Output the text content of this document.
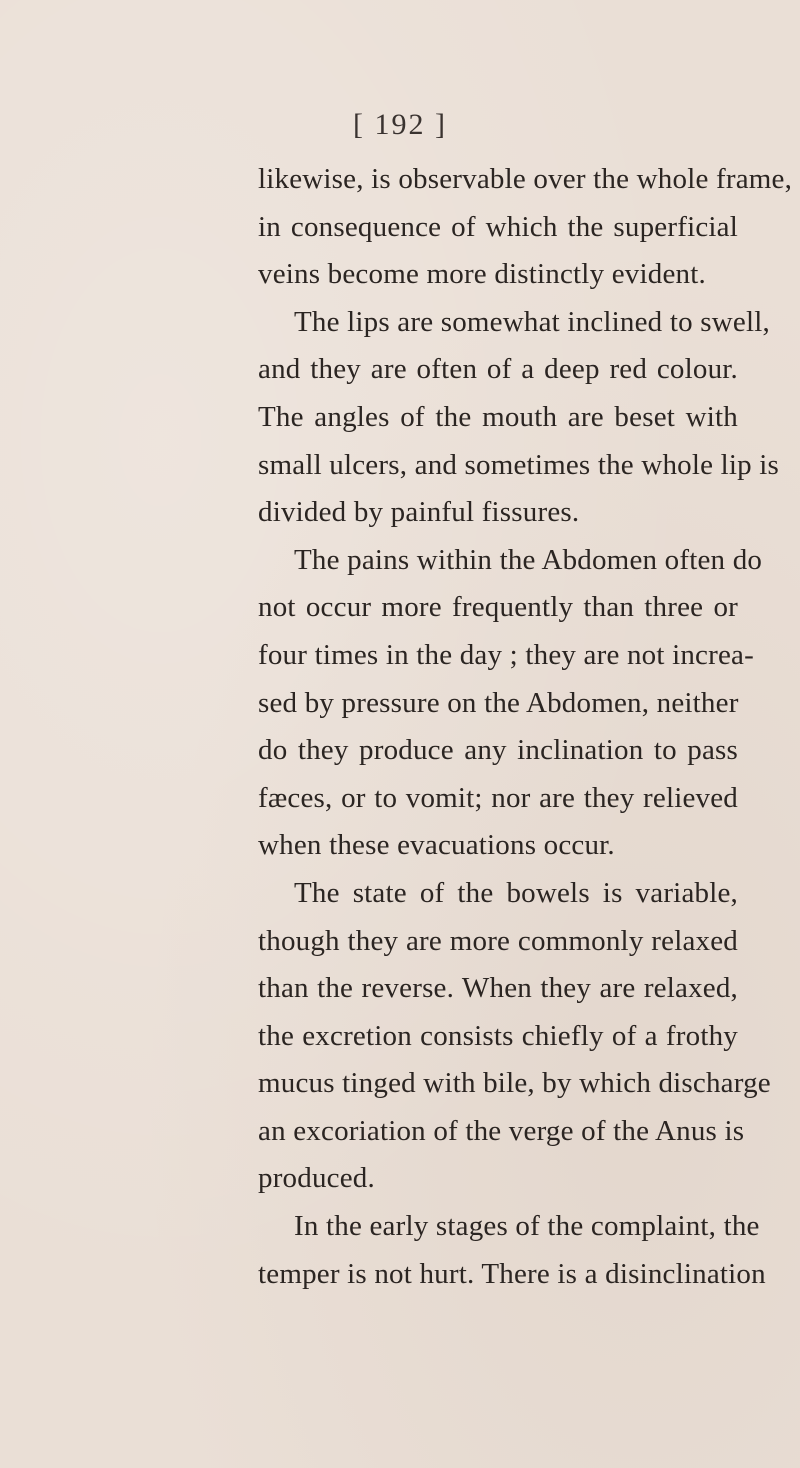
[ 192 ]
likewise, is observable over the whole frame,
in consequence of which the superficial
veins become more distinctly evident.
The lips are somewhat inclined to swell,
and they are often of a deep red colour.
The angles of the mouth are beset with
small ulcers, and sometimes the whole lip is
divided by painful fissures.
The pains within the Abdomen often do
not occur more frequently than three or
four times in the day ; they are not increa-
sed by pressure on the Abdomen, neither
do they produce any inclination to pass
fæces, or to vomit; nor are they relieved
when these evacuations occur.
The state of the bowels is variable,
though they are more commonly relaxed
than the reverse. When they are relaxed,
the excretion consists chiefly of a frothy
mucus tinged with bile, by which discharge
an excoriation of the verge of the Anus is
produced.
In the early stages of the complaint, the
temper is not hurt. There is a disinclination
